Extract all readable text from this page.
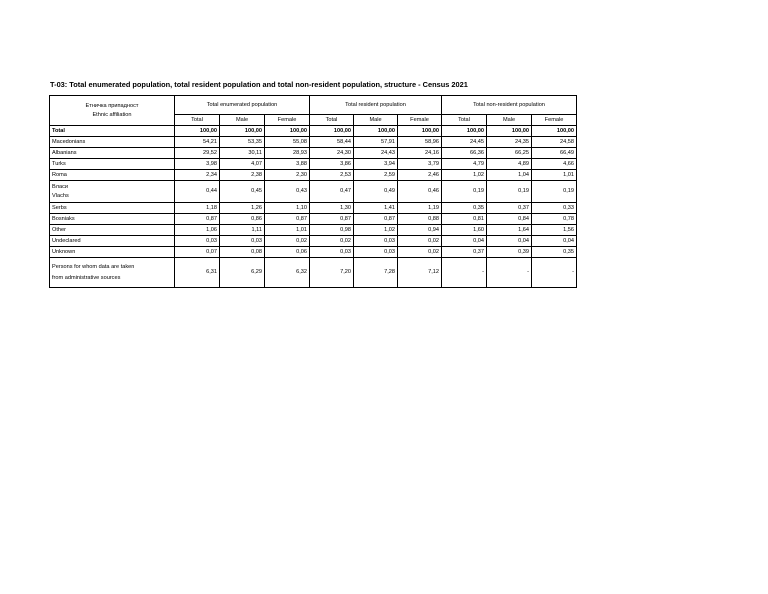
T-03: Total enumerated population, total resident population and total non-resident population, structure - Census 2021
Етничка припадност
Ethnic affiliation	Total enumerated population			Total resident population			Total non-resident population		
	Total	Male	Female	Total	Male	Female	Total	Male	Female
Total	100,00	100,00	100,00	100,00	100,00	100,00	100,00	100,00	100,00
Macedonians	54,21	53,35	55,08	58,44	57,91	58,96	24,45	24,35	24,58
Albanians	29,52	30,11	28,93	24,30	24,43	24,16	66,36	66,25	66,49
Turks	3,98	4,07	3,88	3,86	3,94	3,79	4,79	4,89	4,66
Roma	2,34	2,38	2,30	2,53	2,59	2,46	1,02	1,04	1,01

Власи
Vlachs	0,44	0,45	0,43	0,47	0,49	0,46	0,19	0,19	0,19
Serbs	1,18	1,26	1,10	1,30	1,41	1,19	0,35	0,37	0,33
Bosniaks	0,87	0,86	0,87	0,87	0,87	0,88	0,81	0,84	0,78
Other	1,06	1,11	1,01	0,98	1,02	0,94	1,60	1,64	1,56
Undeclared	0,03	0,03	0,02	0,02	0,03	0,02	0,04	0,04	0,04
Unknown	0,07	0,08	0,06	0,03	0,03	0,02	0,37	0,39	0,35

Persons for whom data are taken
from administrative sources	6,31	6,29	6,32	7,20	7,28	7,12	-	-	-
